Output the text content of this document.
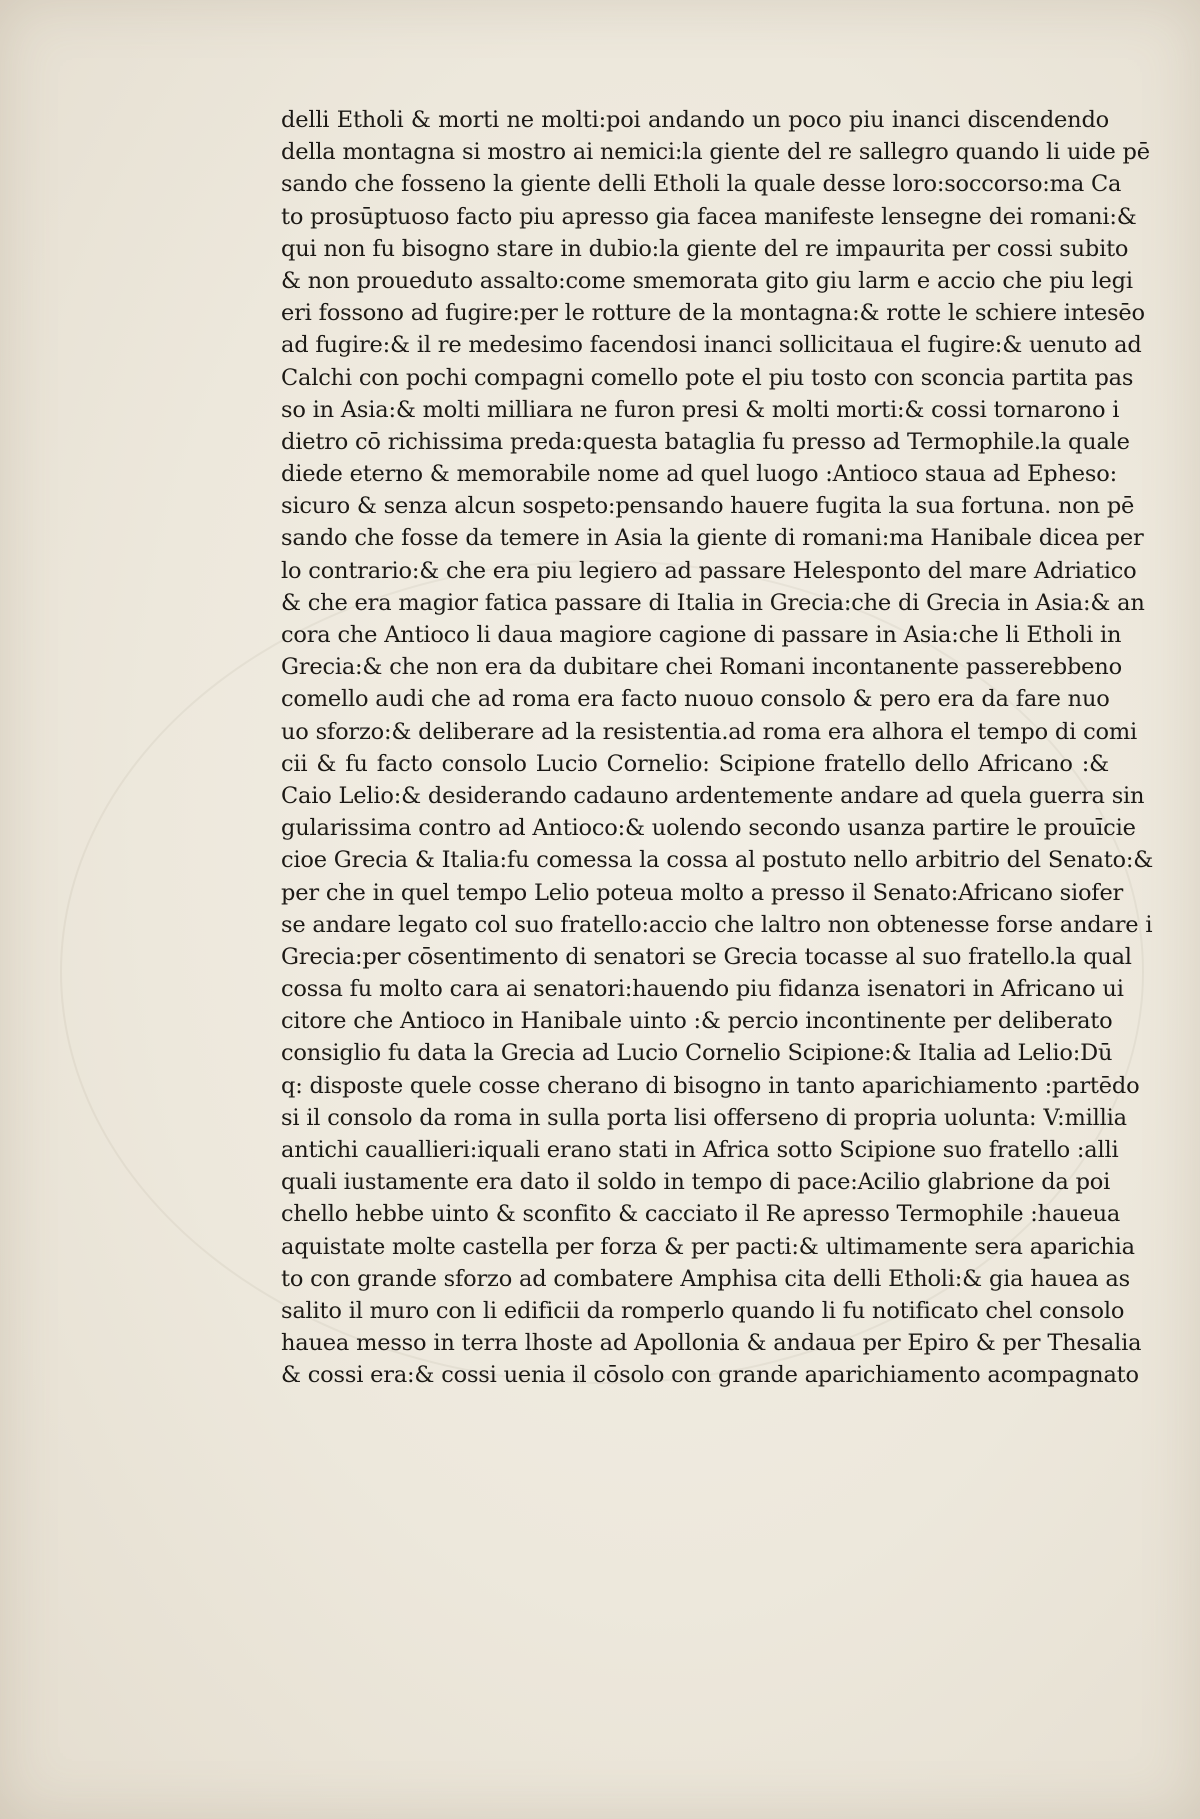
delli Etholi & morti ne molti:poi andando un poco piu inanci discendendo
della montagna si mostro ai nemici:la giente del re sallegro quando li uide pē
sando che fosseno la giente delli Etholi la quale desse loro:soccorso:ma Ca
to prosūptuoso facto piu apresso gia facea manifeste lensegne dei romani:&
qui non fu bisogno stare in dubio:la giente del re impaurita per cossi subito
& non proueduto assalto:come smemorata gito giu larm e accio che piu legi
eri fossono ad fugire:per le rotture de la montagna:& rotte le schiere intesēo
ad fugire:& il re medesimo facendosi inanci sollicitaua el fugire:& uenuto ad
Calchi con pochi compagni comello pote el piu tosto con sconcia partita pas
so in Asia:& molti milliara ne furon presi & molti morti:& cossi tornarono i
dietro cō richissima preda:questa bataglia fu presso ad Termophile.la quale
diede eterno & memorabile nome ad quel luogo :Antioco staua ad Epheso:
sicuro & senza alcun sospeto:pensando hauere fugita la sua fortuna. non pē
sando che fosse da temere in Asia la giente di romani:ma Hanibale dicea per
lo contrario:& che era piu legiero ad passare Helesponto del mare Adriatico
& che era magior fatica passare di Italia in Grecia:che di Grecia in Asia:& an
cora che Antioco li daua magiore cagione di passare in Asia:che li Etholi in
Grecia:& che non era da dubitare chei Romani incontanente passerebbeno
comello audi che ad roma era facto nuouo consolo & pero era da fare nuo
uo sforzo:& deliberare ad la resistentia.ad roma era alhora el tempo di comi
cii & fu facto consolo Lucio Cornelio: Scipione fratello dello Africano :&
Caio Lelio:& desiderando cadauno ardentemente andare ad quela guerra sin
gularissima contro ad Antioco:& uolendo secondo usanza partire le prouīcie
cioe Grecia & Italia:fu comessa la cossa al postuto nello arbitrio del Senato:&
per che in quel tempo Lelio poteua molto a presso il Senato:Africano siofer
se andare legato col suo fratello:accio che laltro non obtenesse forse andare i
Grecia:per cōsentimento di senatori se Grecia tocasse al suo fratello.la qual
cossa fu molto cara ai senatori:hauendo piu fidanza isenatori in Africano ui
citore che Antioco in Hanibale uinto :& percio incontinente per deliberato
consiglio fu data la Grecia ad Lucio Cornelio Scipione:& Italia ad Lelio:Dū
q: disposte quele cosse cherano di bisogno in tanto aparichiamento :partēdo
si il consolo da roma in sulla porta lisi offerseno di propria uolunta: V:millia
antichi cauallieri:iquali erano stati in Africa sotto Scipione suo fratello :alli
quali iustamente era dato il soldo in tempo di pace:Acilio glabrione da poi
chello hebbe uinto & sconfito & cacciato il Re apresso Termophile :haueua
aquistate molte castella per forza & per pacti:& ultimamente sera aparichia
to con grande sforzo ad combatere Amphisa cita delli Etholi:& gia hauea as
salito il muro con li edificii da romperlo quando li fu notificato chel consolo
hauea messo in terra lhoste ad Apollonia & andaua per Epiro & per Thesalia
& cossi era:& cossi uenia il cōsolo con grande aparichiamento acompagnato
